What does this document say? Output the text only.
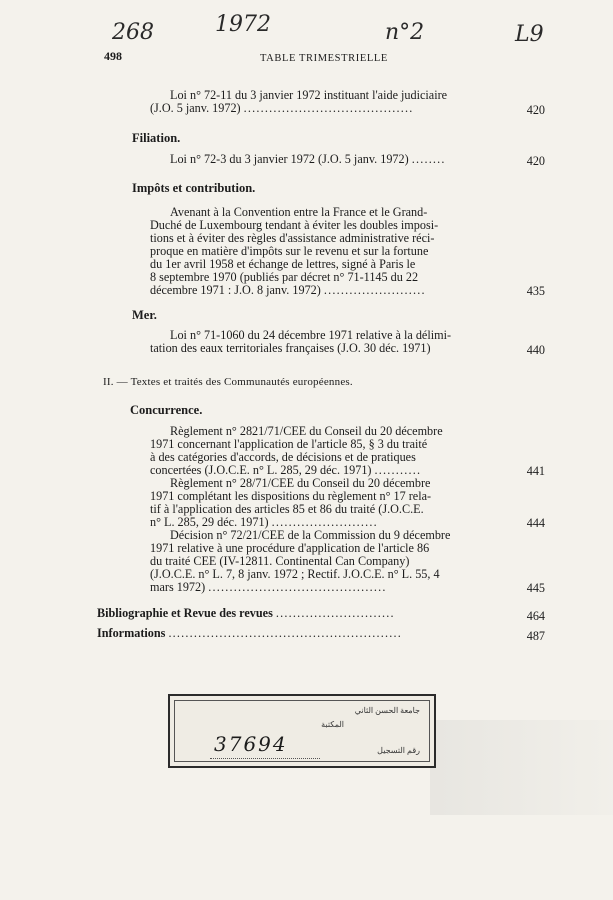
268	1972	n°2	L9
498	TABLE TRIMESTRIELLE
Loi n° 72-11 du 3 janvier 1972 instituant l'aide judiciaire
(J.O. 5 janv. 1972) ........................................	420
Filiation.
Loi n° 72-3 du 3 janvier 1972 (J.O. 5 janv. 1972) ........	420
Impôts et contribution.
Avenant à la Convention entre la France et le Grand-
Duché de Luxembourg tendant à éviter les doubles imposi-
tions et à éviter des règles d'assistance administrative réci-
proque en matière d'impôts sur le revenu et sur la fortune
du 1er avril 1958 et échange de lettres, signé à Paris le
8 septembre 1970 (publiés par décret n° 71-1145 du 22
décembre 1971 : J.O. 8 janv. 1972) ........................	435
Mer.
Loi n° 71-1060 du 24 décembre 1971 relative à la délimi-
tation des eaux territoriales françaises (J.O. 30 déc. 1971)	440
II. — Textes et traités des Communautés européennes.
Concurrence.
Règlement n° 2821/71/CEE du Conseil du 20 décembre
1971 concernant l'application de l'article 85, § 3 du traité
à des catégories d'accords, de décisions et de pratiques
concertées (J.O.C.E. n° L. 285, 29 déc. 1971) ...........	441
Règlement n° 28/71/CEE du Conseil du 20 décembre
1971 complétant les dispositions du règlement n° 17 rela-
tif à l'application des articles 85 et 86 du traité (J.O.C.E.
n° L. 285, 29 déc. 1971) .........................	444
Décision n° 72/21/CEE de la Commission du 9 décembre
1971 relative à une procédure d'application de l'article 86
du traité CEE (IV-12811. Continental Can Company)
(J.O.C.E. n° L. 7, 8 janv. 1972 ; Rectif. J.O.C.E. n° L. 55, 4
mars 1972) ..........................................	445
Bibliographie et Revue des revues ............................	464
Informations .......................................................	487
جامعة الحسن الثاني
المكتبة
رقم التسجيل
37694
